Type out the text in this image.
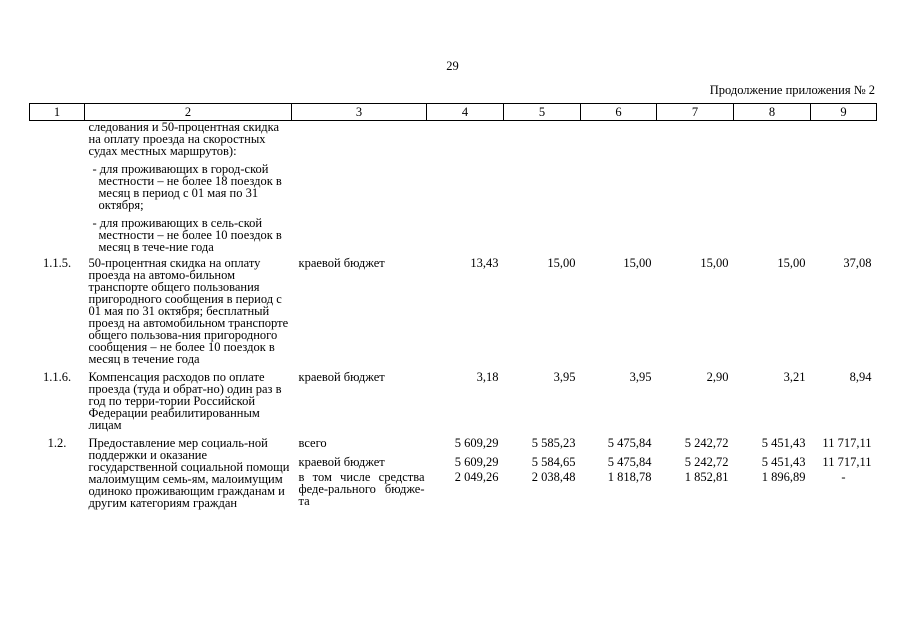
29
Продолжение приложения № 2
1	2	3	4	5	6	7	8	9

	следования и 50-процентная скидка на оплату проезда на скоростных судах местных маршрутов):

- для проживающих в город-ской местности – не более 18 поездок в месяц в период с 01 мая по 31 октября;

- для проживающих в сель-ской местности – не более 10 поездок в месяц в тече-ние года							

1.1.5.	50-процентная скидка на оплату проезда на автомо-бильном транспорте общего пользования пригородного сообщения в период с 01 мая по 31 октября; бесплатный проезд на автомобильном транспорте общего пользова-ния пригородного сообщения – не более 10 поездок в месяц в течение года	краевой бюджет	13,43	15,00	15,00	15,00	15,00	37,08
1.1.6.	Компенсация расходов по оплате проезда (туда и обрат-но) один раз в год по терри-тории Российской Федерации реабилитированным лицам	краевой бюджет	3,18	3,95	3,95	2,90	3,21	8,94
1.2.	Предоставление мер социаль-ной поддержки и оказание государственной социальной помощи малоимущим семь-ям, малоимущим одиноко проживающим гражданам и другим категориям граждан	всего	5 609,29	5 585,23	5 475,84	5 242,72	5 451,43	11 717,11
		краевой бюджет	5 609,29	5 584,65	5 475,84	5 242,72	5 451,43	11 717,11
		в том числе средства феде-рального бюдже-та	2 049,26	2 038,48	1 818,78	1 852,81	1 896,89	-
